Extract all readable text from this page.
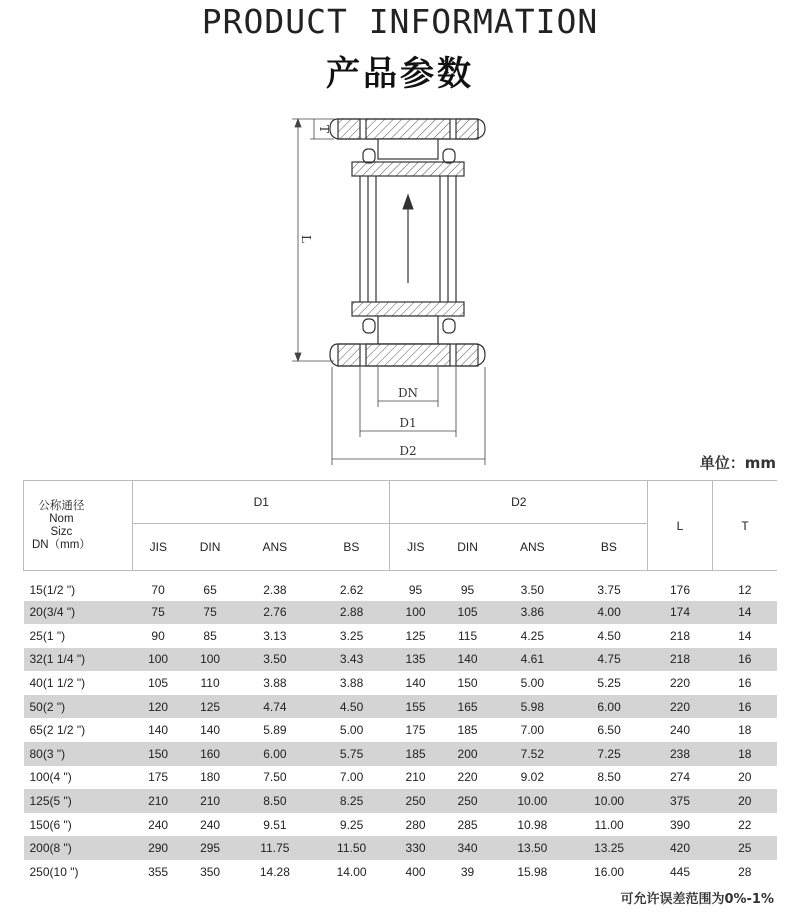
PRODUCT INFORMATION
产品参数
T
L
DN
D1
D2
单位：mm
公称通径
Nom
Sizc
DN（mm）	D1				D2				L	T
	JIS	DIN	ANS	BS	JIS	DIN	ANS	BS		
15(1/2 ")	70	65	2.38	2.62	95	95	3.50	3.75	176	12
20(3/4 ")	75	75	2.76	2.88	100	105	3.86	4.00	174	14
25(1 ")	90	85	3.13	3.25	125	115	4.25	4.50	218	14
32(1 1/4 ")	100	100	3.50	3.43	135	140	4.61	4.75	218	16
40(1 1/2 ")	105	110	3.88	3.88	140	150	5.00	5.25	220	16
50(2 ")	120	125	4.74	4.50	155	165	5.98	6.00	220	16
65(2 1/2 ")	140	140	5.89	5.00	175	185	7.00	6.50	240	18
80(3 ")	150	160	6.00	5.75	185	200	7.52	7.25	238	18
100(4 ")	175	180	7.50	7.00	210	220	9.02	8.50	274	20
125(5 ")	210	210	8.50	8.25	250	250	10.00	10.00	375	20
150(6 ")	240	240	9.51	9.25	280	285	10.98	11.00	390	22
200(8 ")	290	295	11.75	11.50	330	340	13.50	13.25	420	25
250(10 ")	355	350	14.28	14.00	400	39	15.98	16.00	445	28
可允许误差范围为0%-1%
